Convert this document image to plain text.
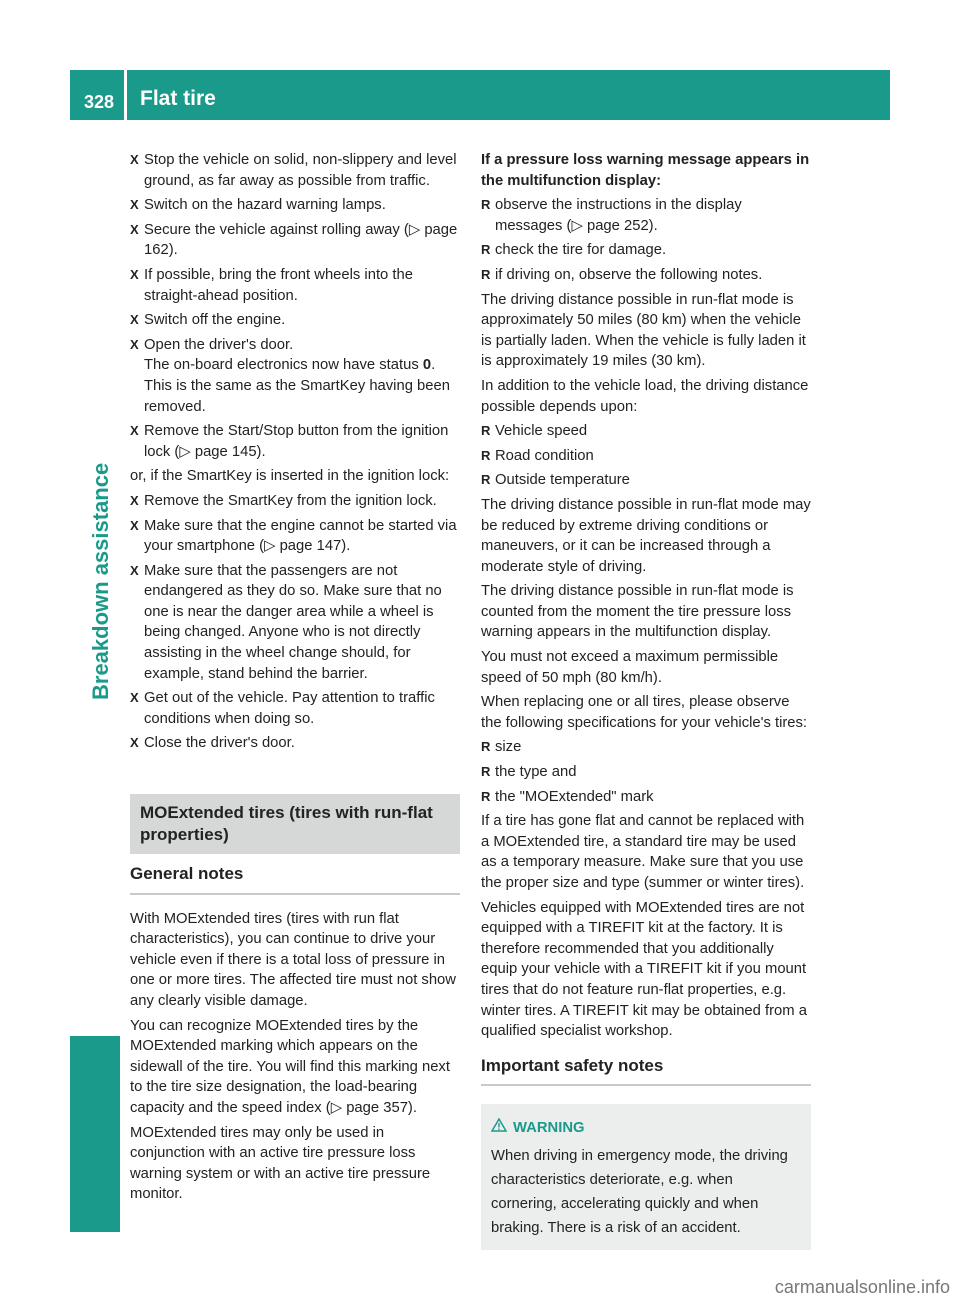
328 Flat tire
Breakdown assistance
X Stop the vehicle on solid, non-slippery and level ground, as far away as possible from traffic.
X Switch on the hazard warning lamps.
X Secure the vehicle against rolling away (▷ page 162).
X If possible, bring the front wheels into the straight-ahead position.
X Switch off the engine.
X Open the driver's door.
The on-board electronics now have status 0. This is the same as the SmartKey having been removed.
X Remove the Start/Stop button from the ignition lock (▷ page 145).

or, if the SmartKey is inserted in the ignition lock:

X Remove the SmartKey from the ignition lock.
X Make sure that the engine cannot be started via your smartphone (▷ page 147).
X Make sure that the passengers are not endangered as they do so. Make sure that no one is near the danger area while a wheel is being changed. Anyone who is not directly assisting in the wheel change should, for example, stand behind the barrier.
X Get out of the vehicle. Pay attention to traffic conditions when doing so.
X Close the driver's door.
MOExtended tires (tires with run-flat properties)
General notes

With MOExtended tires (tires with run flat characteristics), you can continue to drive your vehicle even if there is a total loss of pressure in one or more tires. The affected tire must not show any clearly visible damage.

You can recognize MOExtended tires by the MOExtended marking which appears on the sidewall of the tire. You will find this marking next to the tire size designation, the load-bearing capacity and the speed index (▷ page 357).

MOExtended tires may only be used in conjunction with an active tire pressure loss warning system or with an active tire pressure monitor.

If a pressure loss warning message appears in the multifunction display:

R observe the instructions in the display messages (▷ page 252).
R check the tire for damage.
R if driving on, observe the following notes.

The driving distance possible in run-flat mode is approximately 50 miles (80 km) when the vehicle is partially laden. When the vehicle is fully laden it is approximately 19 miles (30 km).

In addition to the vehicle load, the driving distance possible depends upon:

R Vehicle speed
R Road condition
R Outside temperature

The driving distance possible in run-flat mode may be reduced by extreme driving conditions or maneuvers, or it can be increased through a moderate style of driving.

The driving distance possible in run-flat mode is counted from the moment the tire pressure loss warning appears in the multifunction display.

You must not exceed a maximum permissible speed of 50 mph (80 km/h).

When replacing one or all tires, please observe the following specifications for your vehicle's tires:

R size
R the type and
R the "MOExtended" mark

If a tire has gone flat and cannot be replaced with a MOExtended tire, a standard tire may be used as a temporary measure. Make sure that you use the proper size and type (summer or winter tires).

Vehicles equipped with MOExtended tires are not equipped with a TIREFIT kit at the factory. It is therefore recommended that you additionally equip your vehicle with a TIREFIT kit if you mount tires that do not feature run-flat properties, e.g. winter tires. A TIREFIT kit may be obtained from a qualified specialist workshop.

Important safety notes
WARNING
When driving in emergency mode, the driving characteristics deteriorate, e.g. when cornering, accelerating quickly and when braking. There is a risk of an accident.
carmanualsonline.info
